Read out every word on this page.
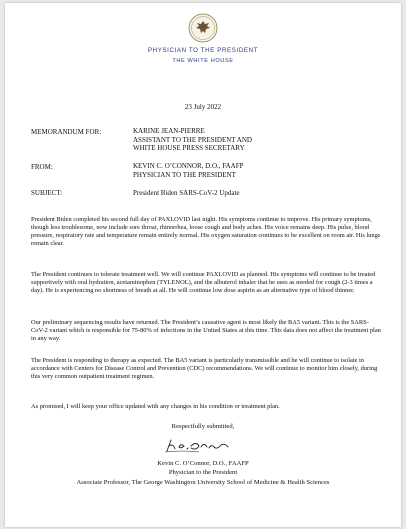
PHYSICIAN TO THE PRESIDENT
THE WHITE HOUSE
23 July 2022
MEMORANDUM FOR:	KARINE JEAN-PIERRE
ASSISTANT TO THE PRESIDENT AND
WHITE HOUSE PRESS SECRETARY
FROM:	KEVIN C. O’CONNOR, D.O., FAAFP
PHYSICIAN TO THE PRESIDENT
SUBJECT:	President Biden SARS-CoV-2 Update

President Biden completed his second full day of PAXLOVID last night. His symptoms continue to improve. His primary symptoms, though less troublesome, now include sore throat, rhinorrhea, loose cough and body aches. His voice remains deep. His pulse, blood pressure, respiratory rate and temperature remain entirely normal. His oxygen saturation continues to be excellent on room air. His lungs remain clear.

The President continues to tolerate treatment well. We will continue PAXLOVID as planned. His symptoms will continue to be treated supportively with oral hydration, acetaminophen (TYLENOL), and the albuterol inhaler that he uses as needed for cough (2-3 times a day). He is experiencing no shortness of breath at all. He will continue low dose aspirin as an alternative type of blood thinner.

Our preliminary sequencing results have returned. The President’s causative agent is most likely the BA5 variant. This is the SARS-CoV-2 variant which is responsible for 75-80% of infections in the United States at this time. This data does not affect the treatment plan in any way.

The President is responding to therapy as expected. The BA5 variant is particularly transmissible and he will continue to isolate in accordance with Centers for Disease Control and Prevention (CDC) recommendations. We will continue to monitor him closely, during this very common outpatient treatment regimen.

As promised, I will keep your office updated with any changes in his condition or treatment plan.

Respectfully submitted,
Kevin C. O’Connor, D.O., FAAFP
Physician to the President
Associate Professor, The George Washington University School of Medicine & Health Sciences
